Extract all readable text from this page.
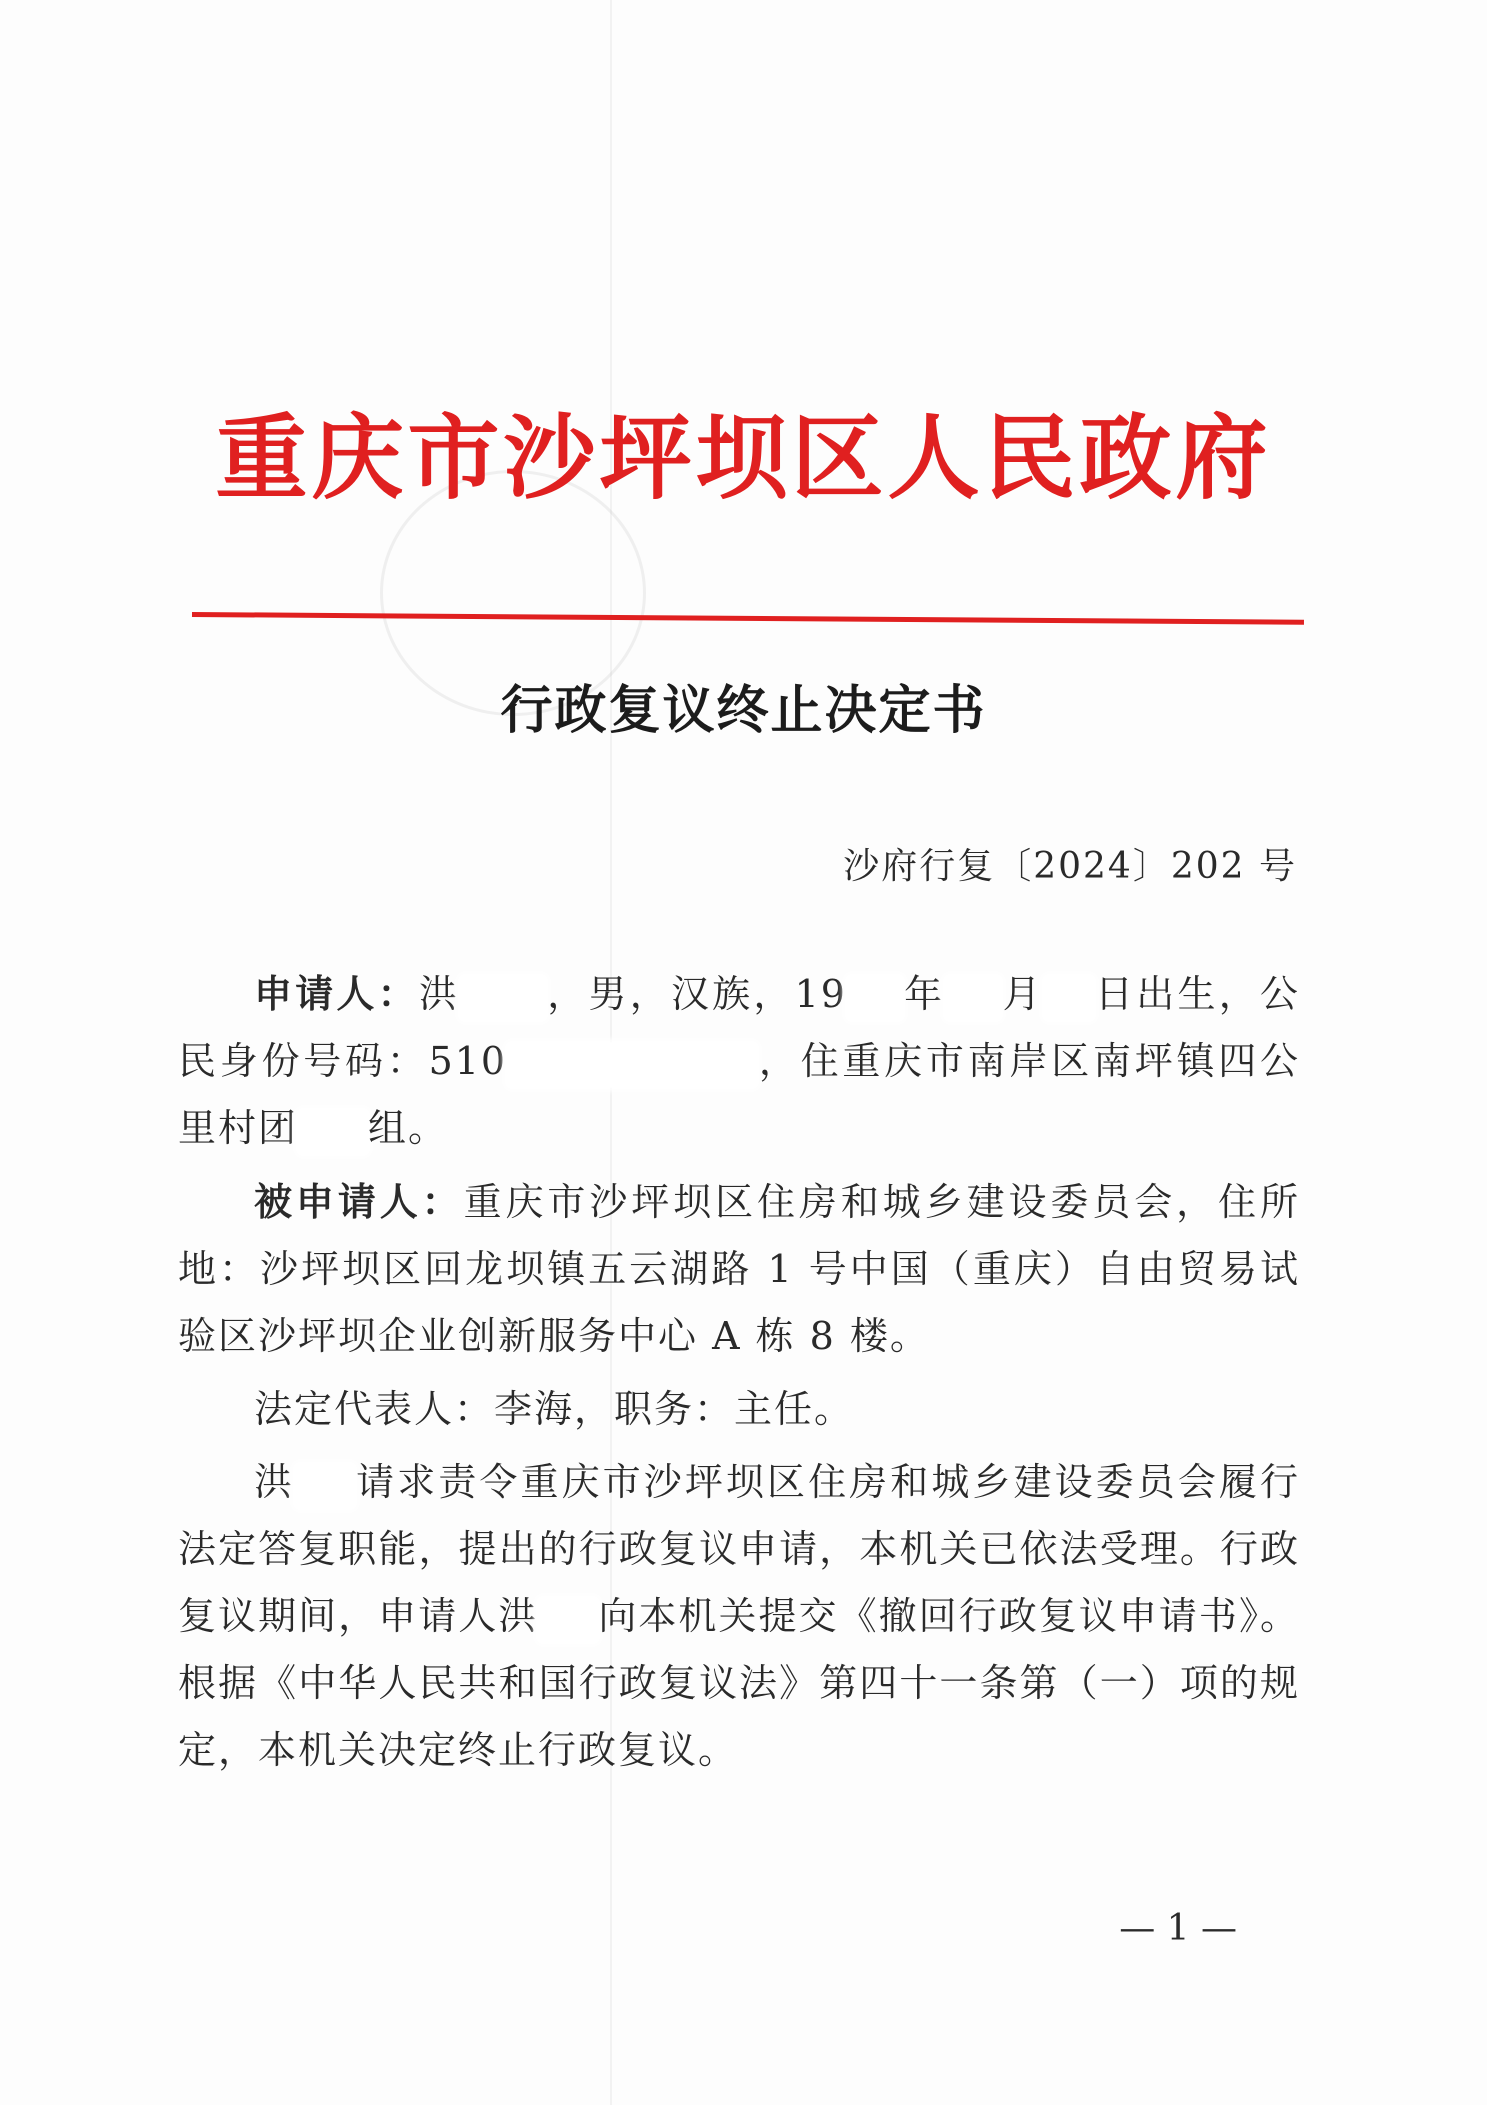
重庆市沙坪坝区人民政府
行政复议终止决定书
沙府行复〔2024〕202 号

申请人：洪 ，男，汉族，19 年 月 日出生，公民身份号码：510	，住重庆市南岸区南坪镇四公里村团 组。

被申请人：重庆市沙坪坝区住房和城乡建设委员会，住所地：沙坪坝区回龙坝镇五云湖路 1 号中国（重庆）自由贸易试验区沙坪坝企业创新服务中心 A 栋 8 楼。

法定代表人：李海，职务：主任。

洪 请求责令重庆市沙坪坝区住房和城乡建设委员会履行法定答复职能，提出的行政复议申请，本机关已依法受理。行政复议期间，申请人洪 向本机关提交《撤回行政复议申请书》。根据《中华人民共和国行政复议法》第四十一条第（一）项的规定，本机关决定终止行政复议。

— 1 —
